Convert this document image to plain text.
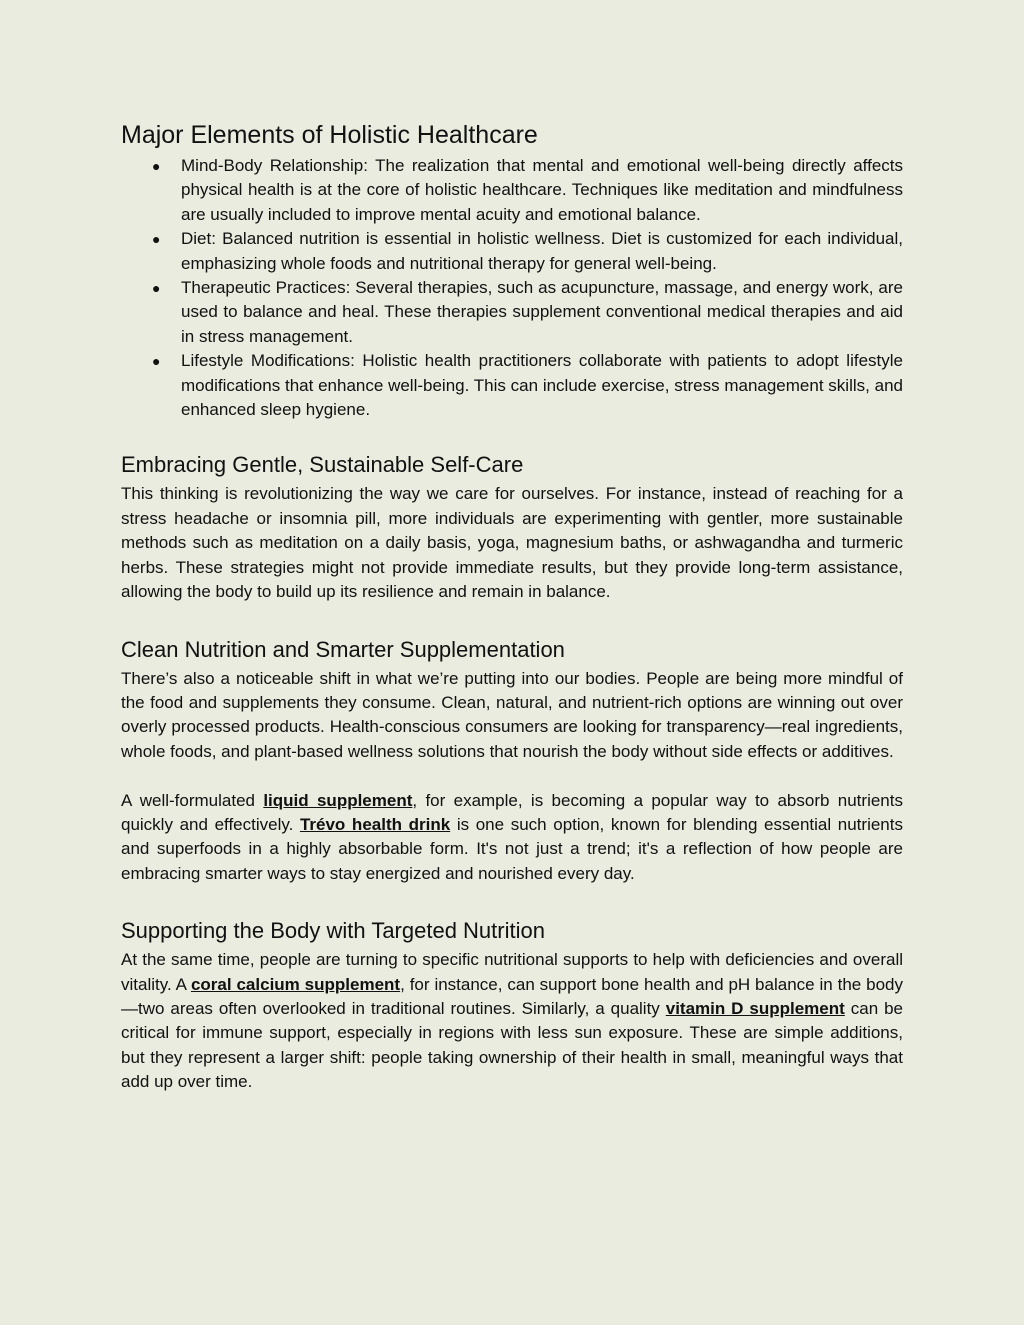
Major Elements of Holistic Healthcare
● Mind-Body Relationship: The realization that mental and emotional well-being directly affects physical health is at the core of holistic healthcare. Techniques like meditation and mindfulness are usually included to improve mental acuity and emotional balance.
● Diet: Balanced nutrition is essential in holistic wellness. Diet is customized for each individual, emphasizing whole foods and nutritional therapy for general well-being.
● Therapeutic Practices: Several therapies, such as acupuncture, massage, and energy work, are used to balance and heal. These therapies supplement conventional medical therapies and aid in stress management.
● Lifestyle Modifications: Holistic health practitioners collaborate with patients to adopt lifestyle modifications that enhance well-being. This can include exercise, stress management skills, and enhanced sleep hygiene.
Embracing Gentle, Sustainable Self-Care

This thinking is revolutionizing the way we care for ourselves. For instance, instead of reaching for a stress headache or insomnia pill, more individuals are experimenting with gentler, more sustainable methods such as meditation on a daily basis, yoga, magnesium baths, or ashwagandha and turmeric herbs. These strategies might not provide immediate results, but they provide long-term assistance, allowing the body to build up its resilience and remain in balance.

Clean Nutrition and Smarter Supplementation

There’s also a noticeable shift in what we’re putting into our bodies. People are being more mindful of the food and supplements they consume. Clean, natural, and nutrient-rich options are winning out over overly processed products. Health-conscious consumers are looking for transparency—real ingredients, whole foods, and plant-based wellness solutions that nourish the body without side effects or additives.

A well-formulated liquid supplement, for example, is becoming a popular way to absorb nutrients quickly and effectively. Trévo health drink is one such option, known for blending essential nutrients and superfoods in a highly absorbable form. It's not just a trend; it's a reflection of how people are embracing smarter ways to stay energized and nourished every day.

Supporting the Body with Targeted Nutrition

At the same time, people are turning to specific nutritional supports to help with deficiencies and overall vitality. A coral calcium supplement, for instance, can support bone health and pH balance in the body—two areas often overlooked in traditional routines. Similarly, a quality vitamin D supplement can be critical for immune support, especially in regions with less sun exposure. These are simple additions, but they represent a larger shift: people taking ownership of their health in small, meaningful ways that add up over time.
